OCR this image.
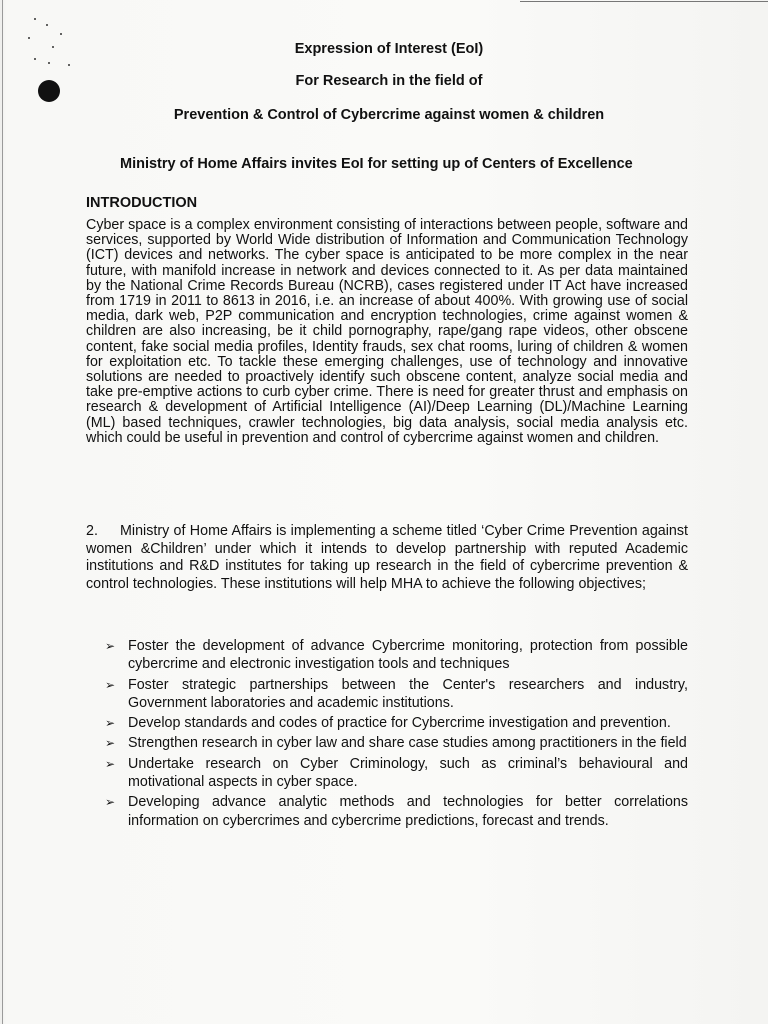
Expression of Interest (EoI)
For Research in the field of
Prevention & Control of Cybercrime against women & children
Ministry of Home Affairs invites EoI for setting up of Centers of Excellence
INTRODUCTION

Cyber space is a complex environment consisting of interactions between people, software and services, supported by World Wide distribution of Information and Communication Technology (ICT) devices and networks. The cyber space is anticipated to be more complex in the near future, with manifold increase in network and devices connected to it. As per data maintained by the National Crime Records Bureau (NCRB), cases registered under IT Act have increased from 1719 in 2011 to 8613 in 2016, i.e. an increase of about 400%. With growing use of social media, dark web, P2P communication and encryption technologies, crime against women & children are also increasing, be it child pornography, rape/gang rape videos, other obscene content, fake social media profiles, Identity frauds, sex chat rooms, luring of children & women for exploitation etc. To tackle these emerging challenges, use of technology and innovative solutions are needed to proactively identify such obscene content, analyze social media and take pre-emptive actions to curb cyber crime. There is need for greater thrust and emphasis on research & development of Artificial Intelligence (AI)/Deep Learning (DL)/Machine Learning (ML) based techniques, crawler technologies, big data analysis, social media analysis etc. which could be useful in prevention and control of cybercrime against women and children.

2. Ministry of Home Affairs is implementing a scheme titled ‘Cyber Crime Prevention against women &Children’ under which it intends to develop partnership with reputed Academic institutions and R&D institutes for taking up research in the field of cybercrime prevention & control technologies. These institutions will help MHA to achieve the following objectives;

➢ Foster the development of advance Cybercrime monitoring, protection from possible cybercrime and electronic investigation tools and techniques
➢ Foster strategic partnerships between the Center's researchers and industry, Government laboratories and academic institutions.
➢ Develop standards and codes of practice for Cybercrime investigation and prevention.
➢ Strengthen research in cyber law and share case studies among practitioners in the field
➢ Undertake research on Cyber Criminology, such as criminal’s behavioural and motivational aspects in cyber space.
➢ Developing advance analytic methods and technologies for better correlations information on cybercrimes and cybercrime predictions, forecast and trends.
